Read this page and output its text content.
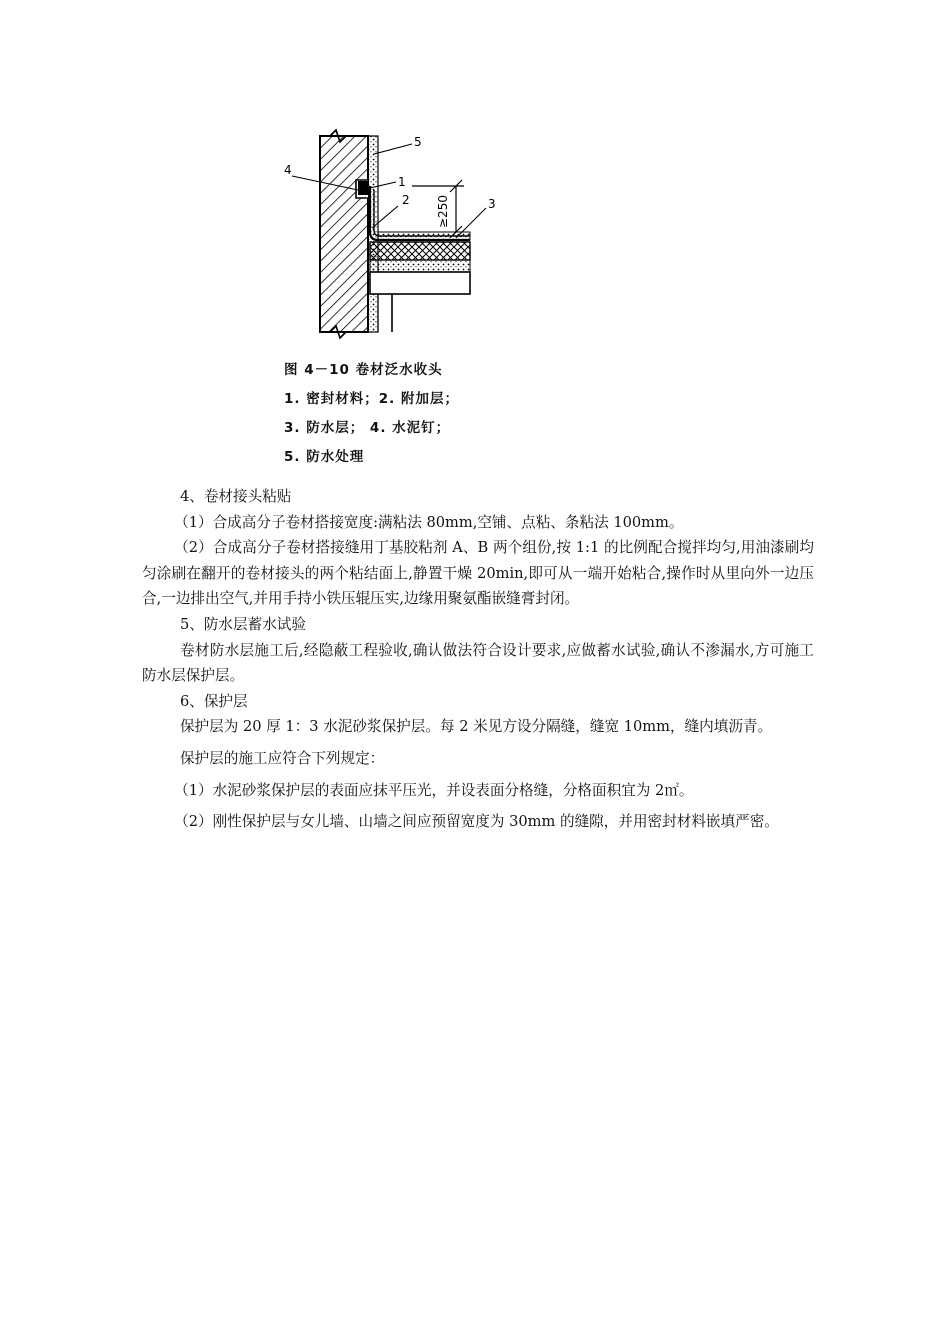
≥250
4
5
1
2	3
图 4－10 卷材泛水收头
1. 密封材料；2. 附加层；
3. 防水层； 4. 水泥钉；
5. 防水处理

4、卷材接头粘贴

（1）合成高分子卷材搭接宽度:满粘法 80mm,空铺、点粘、条粘法 100mm。

（2）合成高分子卷材搭接缝用丁基胶粘剂 A、B 两个组份,按 1:1 的比例配合搅拌均匀,用油漆刷均匀涂刷在翻开的卷材接头的两个粘结面上,静置干燥 20min,即可从一端开始粘合,操作时从里向外一边压合,一边排出空气,并用手持小铁压辊压实,边缘用聚氨酯嵌缝膏封闭。

5、防水层蓄水试验

卷材防水层施工后,经隐蔽工程验收,确认做法符合设计要求,应做蓄水试验,确认不渗漏水,方可施工防水层保护层。

6、保护层

保护层为 20 厚 1：3 水泥砂浆保护层。每 2 米见方设分隔缝，缝宽 10mm，缝内填沥青。

保护层的施工应符合下列规定：

（1）水泥砂浆保护层的表面应抹平压光，并设表面分格缝，分格面积宜为 2㎡。

（2）刚性保护层与女儿墙、山墙之间应预留宽度为 30mm 的缝隙，并用密封材料嵌填严密。
